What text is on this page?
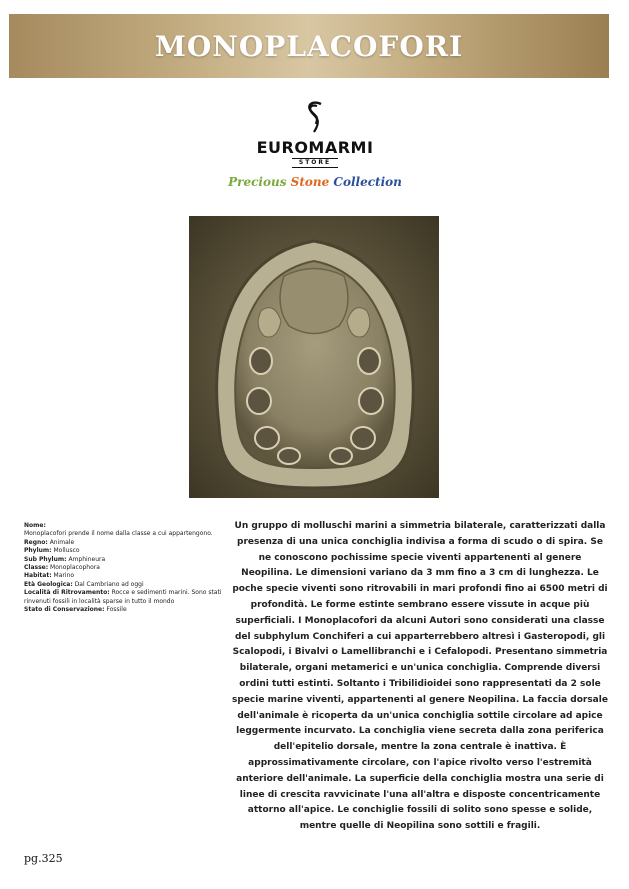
MONOPLACOFORI
EUROMARMI
STORE
Precious Stone Collection

Nome:

Monoplacofori prende il nome dalla classe a cui appartengono.

Regno: Animale

Phylum: Mollusco

Sub Phylum: Amphineura

Classe: Monoplacophora

Habitat: Marino

Età Geologica: Dal Cambriano ad oggi

Località di Ritrovamento: Rocce e sedimenti marini. Sono stati rinvenuti fossili in località sparse in tutto il mondo

Stato di Conservazione: Fossile

Un gruppo di molluschi marini a simmetria bilaterale, caratterizzati dalla presenza di una unica conchiglia indivisa a forma di scudo o di spira. Se ne conoscono pochissime specie viventi appartenenti al genere Neopilina. Le dimensioni variano da 3 mm fino a 3 cm di lunghezza. Le poche specie viventi sono ritrovabili in mari profondi fino ai 6500 metri di profondità. Le forme estinte sembrano essere vissute in acque più superficiali. I Monoplacofori da alcuni Autori sono considerati una classe del subphylum Conchiferi a cui apparterrebbero altresì i Gasteropodi, gli Scalopodi, i Bivalvi o Lamellibranchi e i Cefalopodi. Presentano simmetria bilaterale, organi metamerici e un'unica conchiglia. Comprende diversi ordini tutti estinti. Soltanto i Tribilidioidei sono rappresentati da 2 sole specie marine viventi, appartenenti al genere Neopilina. La faccia dorsale dell'animale è ricoperta da un'unica conchiglia sottile circolare ad apice leggermente incurvato. La conchiglia viene secreta dalla zona periferica dell'epitelio dorsale, mentre la zona centrale è inattiva. È approssimativamente circolare, con l'apice rivolto verso l'estremità anteriore dell'animale. La superficie della conchiglia mostra una serie di linee di crescita ravvicinate l'una all'altra e disposte concentricamente attorno all'apice. Le conchiglie fossili di solito sono spesse e solide, mentre quelle di Neopilina sono sottili e fragili.

pg.325
